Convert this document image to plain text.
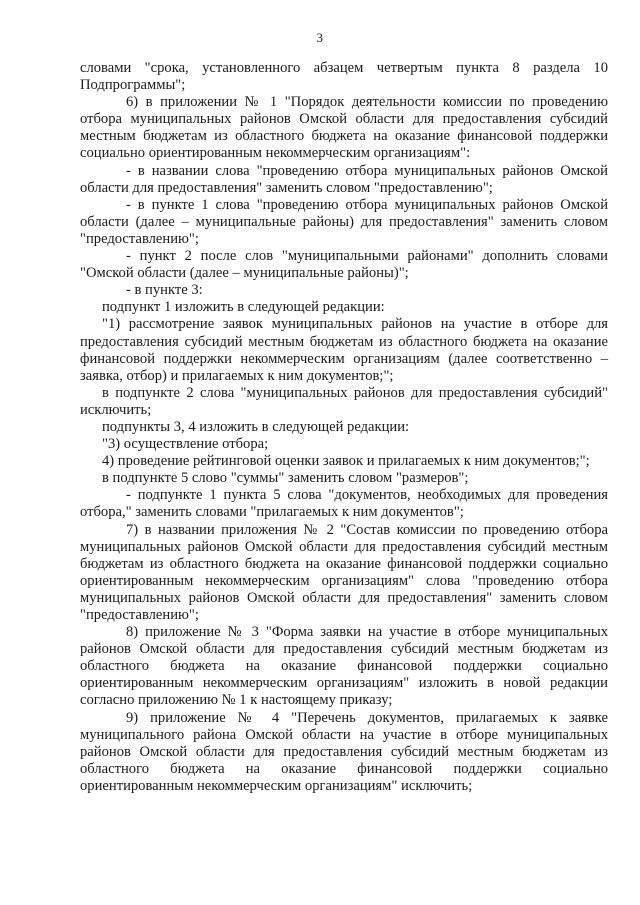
3

словами "срока, установленного абзацем четвертым пункта 8 раздела 10 Подпрограммы";

6) в приложении № 1 "Порядок деятельности комиссии по проведению отбора муниципальных районов Омской области для предоставления субсидий местным бюджетам из областного бюджета на оказание финансовой поддержки социально ориентированным некоммерческим организациям":

- в названии слова "проведению отбора муниципальных районов Омской области для предоставления" заменить словом "предоставлению";

- в пункте 1 слова "проведению отбора муниципальных районов Омской области (далее – муниципальные районы) для предоставления" заменить словом "предоставлению";

- пункт 2 после слов "муниципальными районами" дополнить словами "Омской области (далее – муниципальные районы)";

- в пункте 3:

подпункт 1 изложить в следующей редакции:

"1) рассмотрение заявок муниципальных районов на участие в отборе для предоставления субсидий местным бюджетам из областного бюджета на оказание финансовой поддержки некоммерческим организациям (далее соответственно – заявка, отбор) и прилагаемых к ним документов;";

в подпункте 2 слова "муниципальных районов для предоставления субсидий" исключить;

подпункты 3, 4 изложить в следующей редакции:

"3) осуществление отбора;

4) проведение рейтинговой оценки заявок и прилагаемых к ним документов;";

в подпункте 5 слово "суммы" заменить словом "размеров";

- подпункте 1 пункта 5 слова "документов, необходимых для проведения отбора," заменить словами "прилагаемых к ним документов";

7) в названии приложения № 2 "Состав комиссии по проведению отбора муниципальных районов Омской области для предоставления субсидий местным бюджетам из областного бюджета на оказание финансовой поддержки социально ориентированным некоммерческим организациям" слова "проведению отбора муниципальных районов Омской области для предоставления" заменить словом "предоставлению";

8) приложение № 3 "Форма заявки на участие в отборе муниципальных районов Омской области для предоставления субсидий местным бюджетам из областного бюджета на оказание финансовой поддержки социально ориентированным некоммерческим организациям" изложить в новой редакции согласно приложению № 1 к настоящему приказу;

9) приложение № 4 "Перечень документов, прилагаемых к заявке муниципального района Омской области на участие в отборе муниципальных районов Омской области для предоставления субсидий местным бюджетам из областного бюджета на оказание финансовой поддержки социально ориентированным некоммерческим организациям" исключить;
